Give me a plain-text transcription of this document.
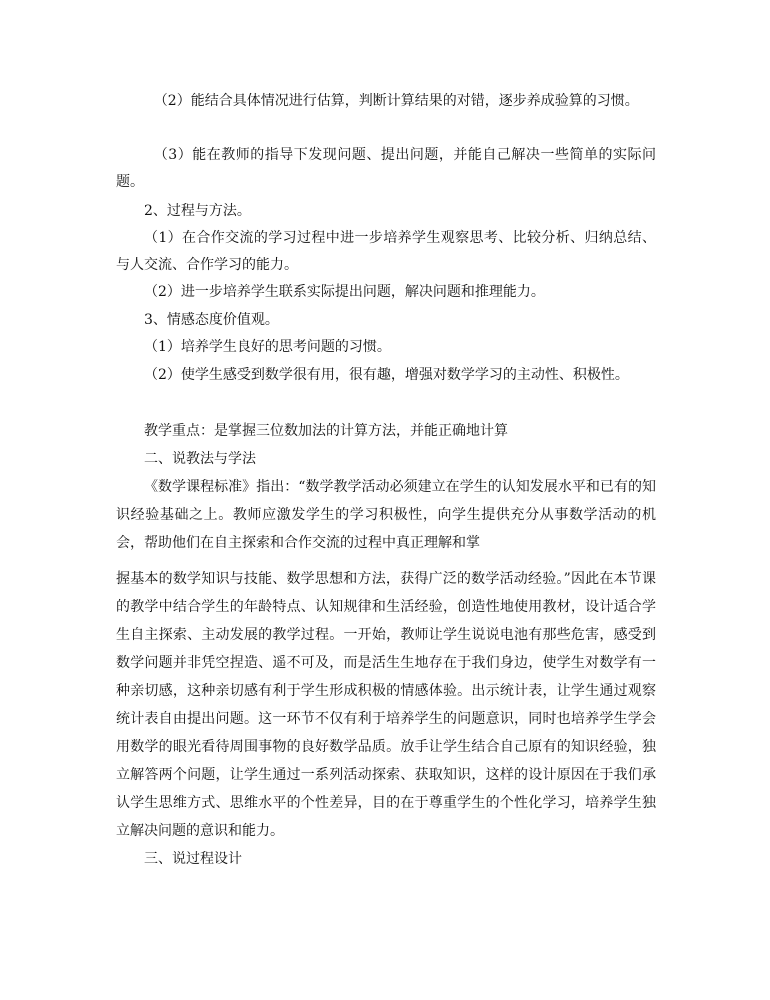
（2）能结合具体情况进行估算，判断计算结果的对错，逐步养成验算的习惯。

（3）能在教师的指导下发现问题、提出问题，并能自己解决一些简单的实际问题。

2、过程与方法。

（1）在合作交流的学习过程中进一步培养学生观察思考、比较分析、归纳总结、与人交流、合作学习的能力。

（2）进一步培养学生联系实际提出问题，解决问题和推理能力。

3、情感态度价值观。

（1）培养学生良好的思考问题的习惯。

（2）使学生感受到数学很有用，很有趣，增强对数学学习的主动性、积极性。

教学重点：是掌握三位数加法的计算方法，并能正确地计算

二、说教法与学法

《数学课程标准》指出：“数学教学活动必须建立在学生的认知发展水平和已有的知识经验基础之上。教师应激发学生的学习积极性，向学生提供充分从事数学活动的机会，帮助他们在自主探索和合作交流的过程中真正理解和掌

握基本的数学知识与技能、数学思想和方法，获得广泛的数学活动经验。”因此在本节课的教学中结合学生的年龄特点、认知规律和生活经验，创造性地使用教材，设计适合学生自主探索、主动发展的教学过程。一开始，教师让学生说说电池有那些危害，感受到数学问题并非凭空捏造、遥不可及，而是活生生地存在于我们身边，使学生对数学有一种亲切感，这种亲切感有利于学生形成积极的情感体验。出示统计表，让学生通过观察统计表自由提出问题。这一环节不仅有利于培养学生的问题意识，同时也培养学生学会用数学的眼光看待周围事物的良好数学品质。放手让学生结合自己原有的知识经验，独立解答两个问题，让学生通过一系列活动探索、获取知识，这样的设计原因在于我们承认学生思维方式、思维水平的个性差异，目的在于尊重学生的个性化学习，培养学生独立解决问题的意识和能力。

三、说过程设计
